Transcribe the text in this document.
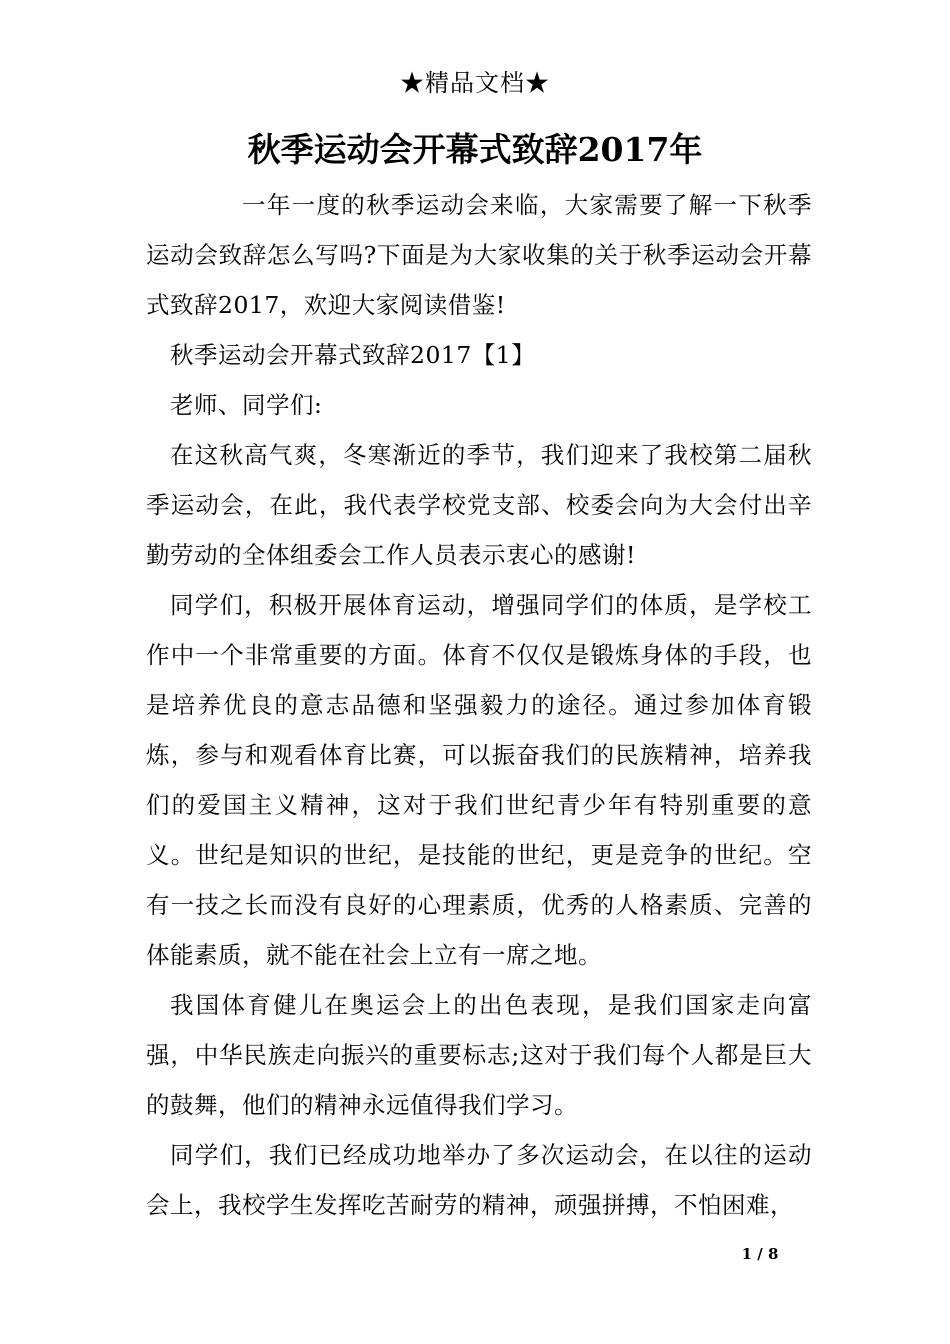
★精品文档★
秋季运动会开幕式致辞2017年

一年一度的秋季运动会来临，大家需要了解一下秋季运动会致辞怎么写吗?下面是为大家收集的关于秋季运动会开幕式致辞2017，欢迎大家阅读借鉴!

秋季运动会开幕式致辞2017【1】

老师、同学们:

在这秋高气爽，冬寒渐近的季节，我们迎来了我校第二届秋季运动会，在此，我代表学校党支部、校委会向为大会付出辛勤劳动的全体组委会工作人员表示衷心的感谢!

同学们，积极开展体育运动，增强同学们的体质，是学校工作中一个非常重要的方面。体育不仅仅是锻炼身体的手段，也是培养优良的意志品德和坚强毅力的途径。通过参加体育锻炼，参与和观看体育比赛，可以振奋我们的民族精神，培养我们的爱国主义精神，这对于我们世纪青少年有特别重要的意义。世纪是知识的世纪，是技能的世纪，更是竞争的世纪。空有一技之长而没有良好的心理素质，优秀的人格素质、完善的体能素质，就不能在社会上立有一席之地。

我国体育健儿在奥运会上的出色表现，是我们国家走向富强，中华民族走向振兴的重要标志;这对于我们每个人都是巨大的鼓舞，他们的精神永远值得我们学习。

同学们，我们已经成功地举办了多次运动会，在以往的运动会上，我校学生发挥吃苦耐劳的精神，顽强拼搏，不怕困难，

1 / 8
